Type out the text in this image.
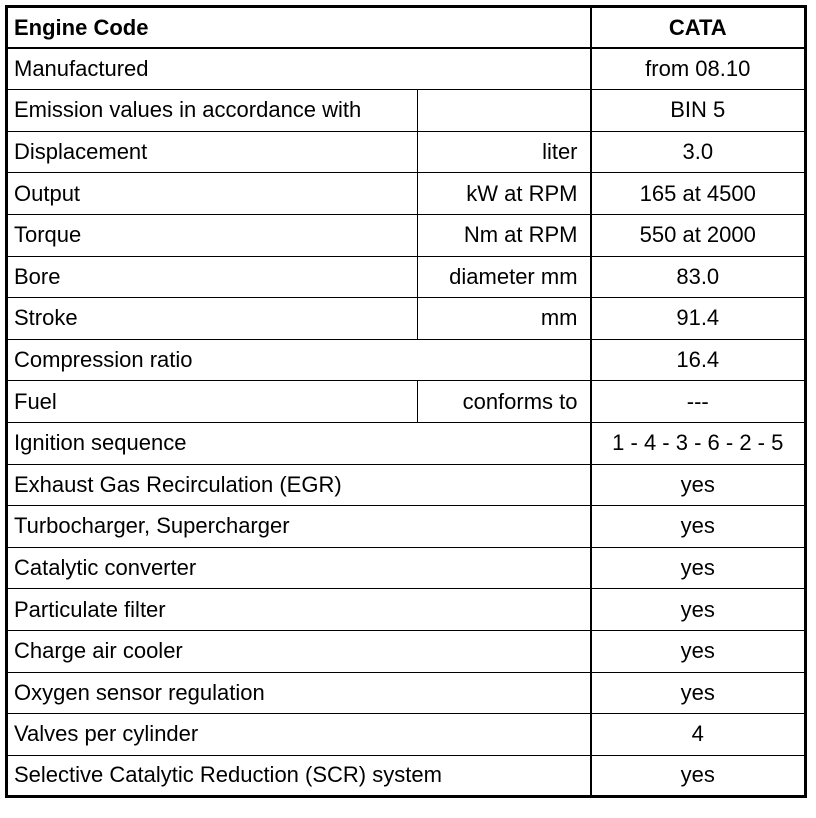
Engine Code		CATA
Manufactured		from 08.10
Emission values in accordance with		BIN 5
Displacement	liter	3.0
Output	kW at RPM	165 at 4500
Torque	Nm at RPM	550 at 2000
Bore	diameter mm	83.0
Stroke	mm	91.4
Compression ratio		16.4
Fuel	conforms to	---
Ignition sequence		1 - 4 - 3 - 6 - 2 - 5
Exhaust Gas Recirculation (EGR)		yes
Turbocharger, Supercharger		yes
Catalytic converter		yes
Particulate filter		yes
Charge air cooler		yes
Oxygen sensor regulation		yes
Valves per cylinder		4
Selective Catalytic Reduction (SCR) system		yes
